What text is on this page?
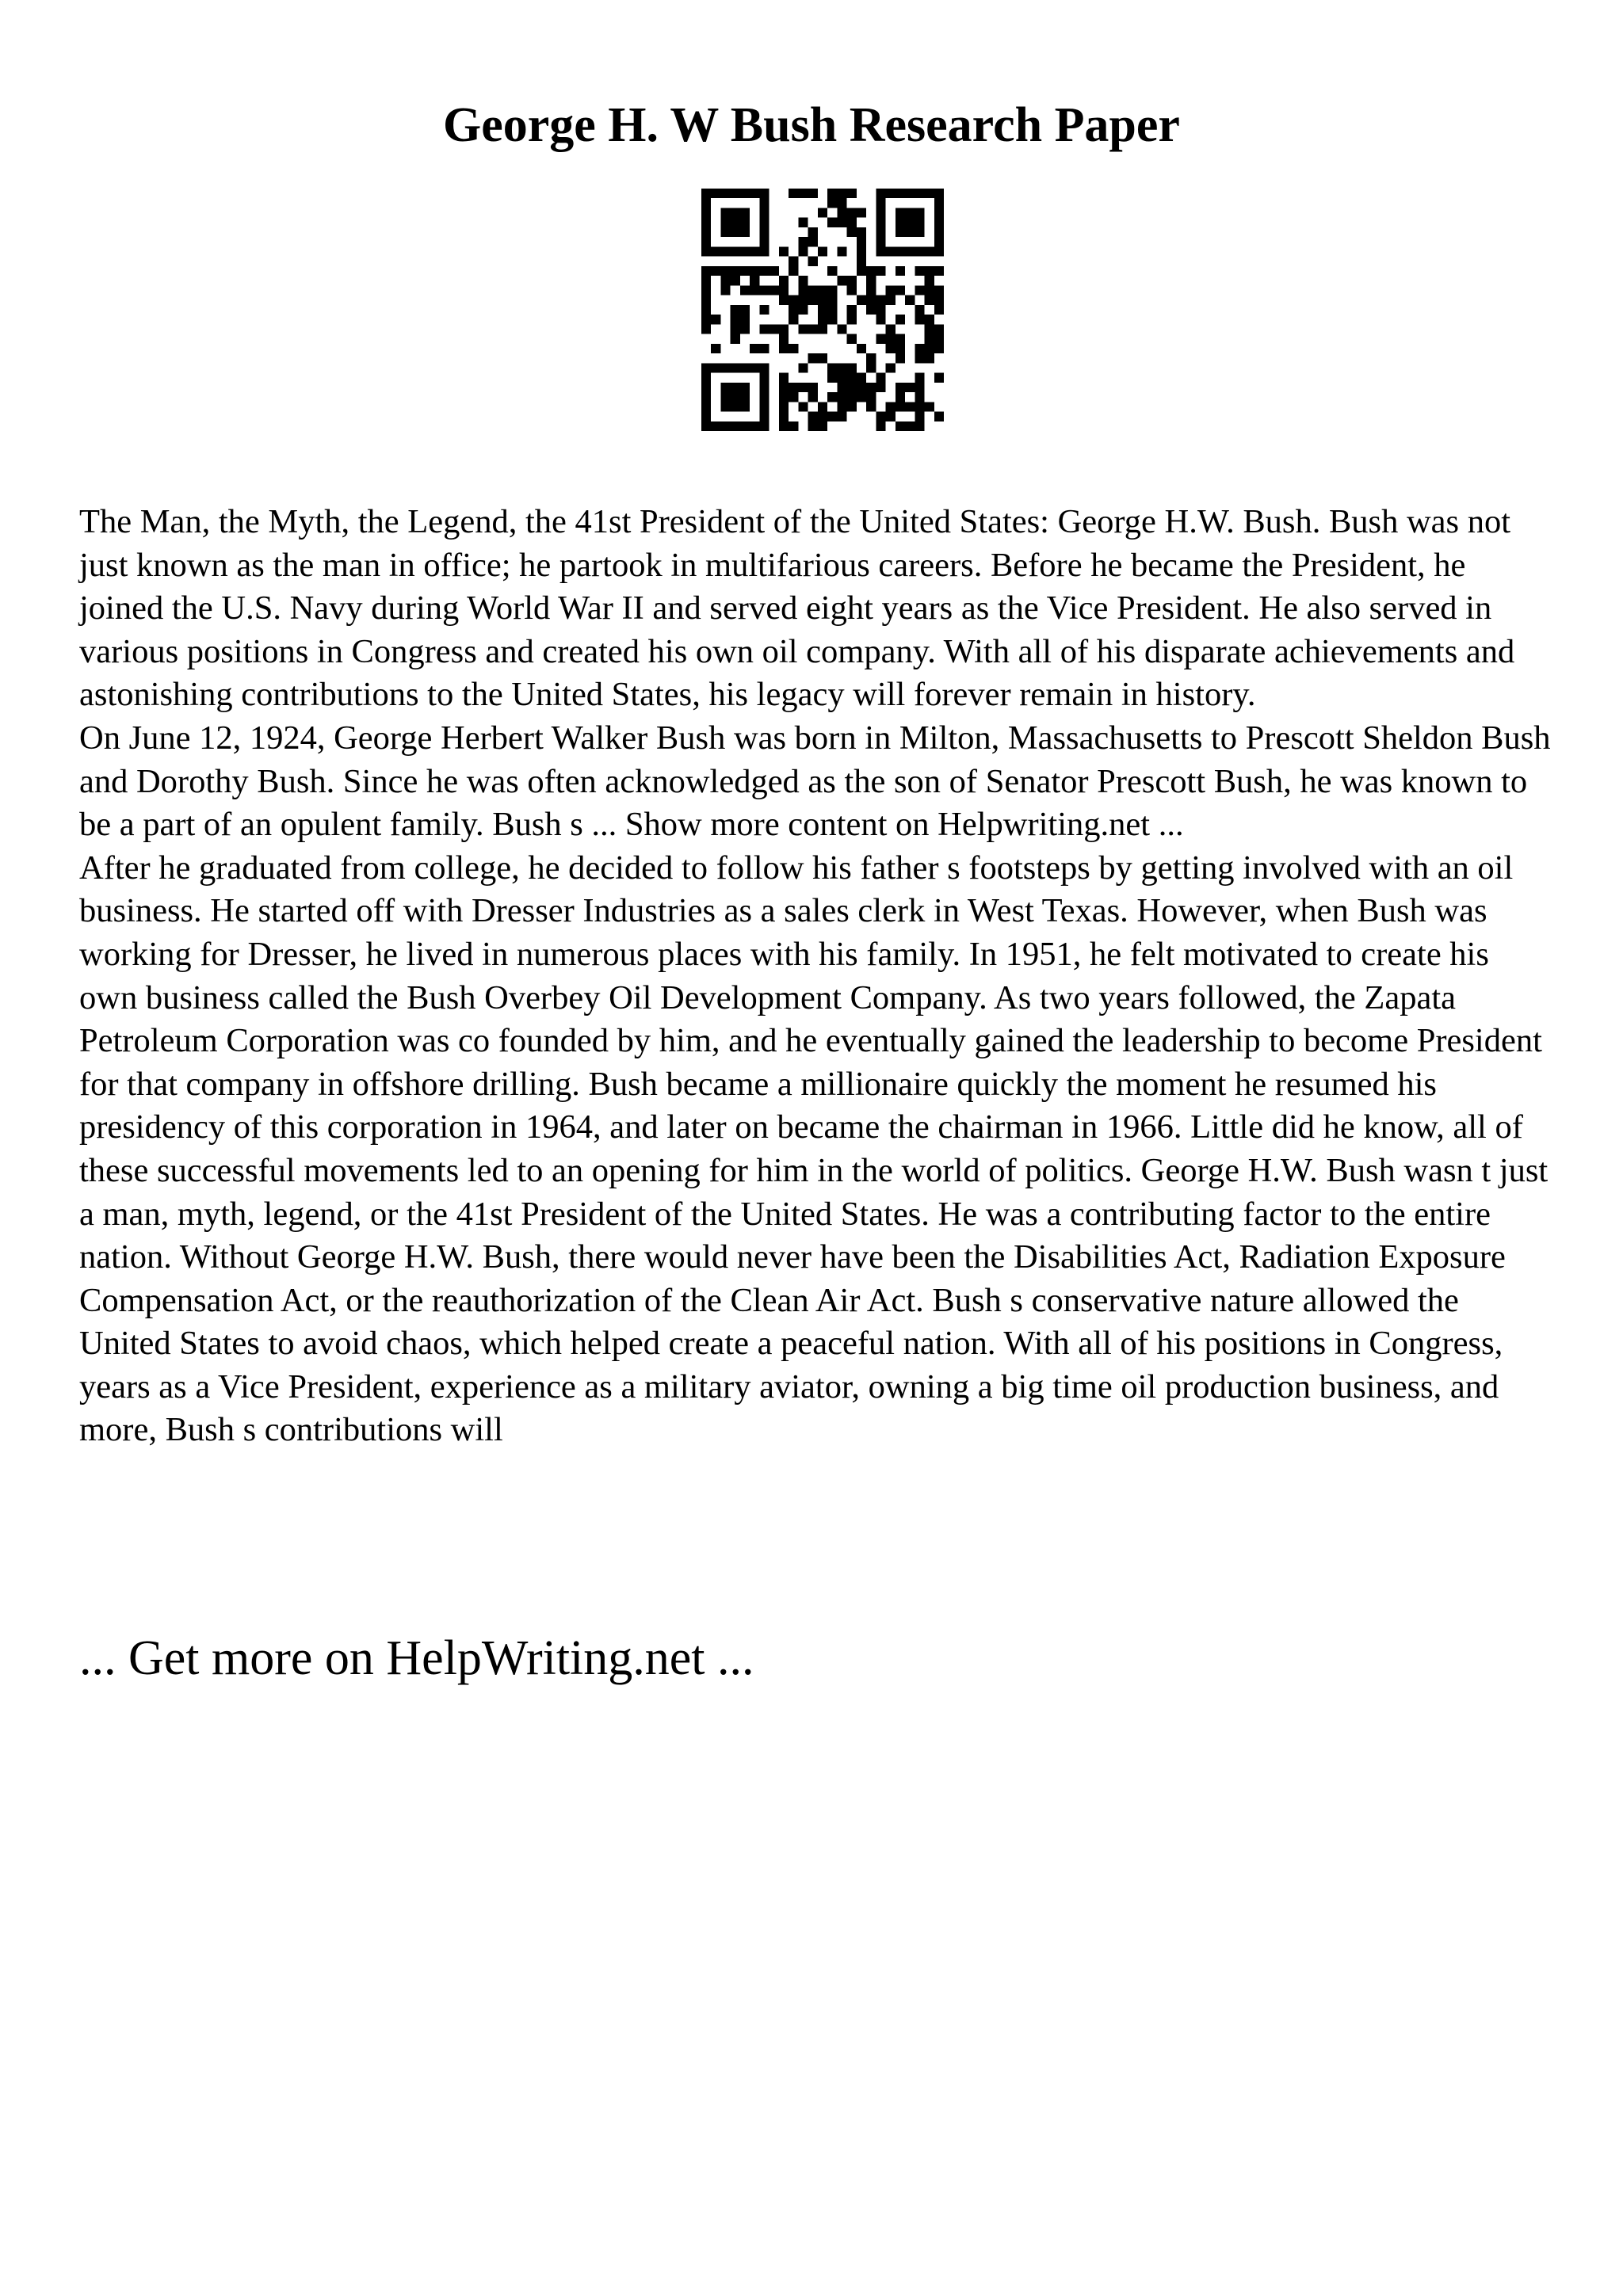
George H. W Bush Research Paper

The Man, the Myth, the Legend, the 41st President of the United States: George H.W. Bush. Bush was not just known as the man in office; he partook in multifarious careers. Before he became the President, he joined the U.S. Navy during World War II and served eight years as the Vice President. He also served in various positions in Congress and created his own oil company. With all of his disparate achievements and astonishing contributions to the United States, his legacy will forever remain in history.

On June 12, 1924, George Herbert Walker Bush was born in Milton, Massachusetts to Prescott Sheldon Bush and Dorothy Bush. Since he was often acknowledged as the son of Senator Prescott Bush, he was known to be a part of an opulent family. Bush s ... Show more content on Helpwriting.net ...

After he graduated from college, he decided to follow his father s footsteps by getting involved with an oil business. He started off with Dresser Industries as a sales clerk in West Texas. However, when Bush was working for Dresser, he lived in numerous places with his family. In 1951, he felt motivated to create his own business called the Bush Overbey Oil Development Company. As two years followed, the Zapata Petroleum Corporation was co founded by him, and he eventually gained the leadership to become President for that company in offshore drilling. Bush became a millionaire quickly the moment he resumed his presidency of this corporation in 1964, and later on became the chairman in 1966. Little did he know, all of these successful movements led to an opening for him in the world of politics. George H.W. Bush wasn t just a man, myth, legend, or the 41st President of the United States. He was a contributing factor to the entire nation. Without George H.W. Bush, there would never have been the Disabilities Act, Radiation Exposure Compensation Act, or the reauthorization of the Clean Air Act. Bush s conservative nature allowed the United States to avoid chaos, which helped create a peaceful nation. With all of his positions in Congress, years as a Vice President, experience as a military aviator, owning a big time oil production business, and more, Bush s contributions will

... Get more on HelpWriting.net ...
